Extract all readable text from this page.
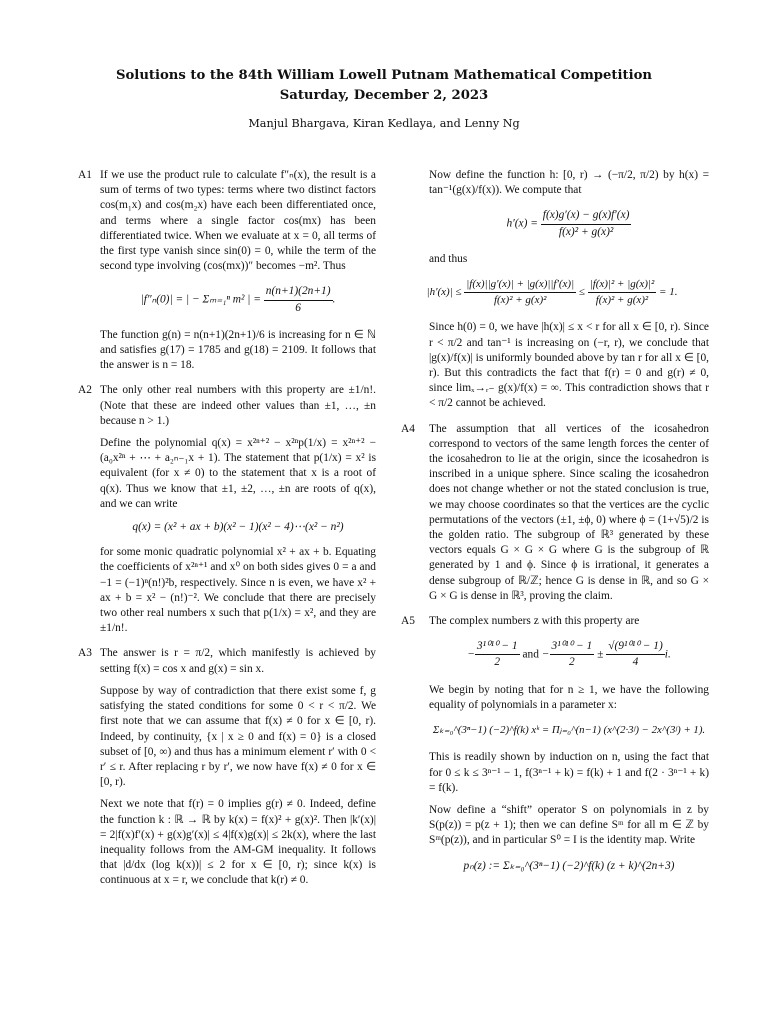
Solutions to the 84th William Lowell Putnam Mathematical Competition
Saturday, December 2, 2023
Manjul Bhargava, Kiran Kedlaya, and Lenny Ng
A1 If we use the product rule to calculate f″ₙ(x), the result is a sum of terms of two types: terms where two distinct factors cos(m₁x) and cos(m₂x) have each been differentiated once, and terms where a single factor cos(mx) has been differentiated twice. When we evaluate at x = 0, all terms of the first type vanish since sin(0) = 0, while the term of the second type involving (cos(mx))″ becomes −m². Thus

|f″ₙ(0)| = | − Σₘ₌₁ⁿ m² | = $\frac{n(n+1)(2n+1)}{6}$ .

The function g(n) = n(n+1)(2n+1)/6 is increasing for n ∈ ℕ and satisfies g(17) = 1785 and g(18) = 2109. It follows that the answer is n = 18.

A2 The only other real numbers with this property are ±1/n!. (Note that these are indeed other values than ±1, …, ±n because n > 1.)

Define the polynomial q(x) = x²ⁿ⁺² − x²ⁿp(1/x) = x²ⁿ⁺² − (a₀x²ⁿ + ⋯ + a₂ₙ₋₁x + 1). The statement that p(1/x) = x² is equivalent (for x ≠ 0) to the statement that x is a root of q(x). Thus we know that ±1, ±2, …, ±n are roots of q(x), and we can write

q(x) = (x² + ax + b)(x² − 1)(x² − 4)⋯(x² − n²)

for some monic quadratic polynomial x² + ax + b. Equating the coefficients of x²ⁿ⁺¹ and x⁰ on both sides gives 0 = a and −1 = (−1)ⁿ(n!)²b, respectively. Since n is even, we have x² + ax + b = x² − (n!)⁻². We conclude that there are precisely two other real numbers x such that p(1/x) = x², and they are ±1/n!.

A3 The answer is r = π/2, which manifestly is achieved by setting f(x) = cos x and g(x) = sin x.

Suppose by way of contradiction that there exist some f, g satisfying the stated conditions for some 0 < r < π/2. We first note that we can assume that f(x) ≠ 0 for x ∈ [0, r). Indeed, by continuity, {x | x ≥ 0 and f(x) = 0} is a closed subset of [0, ∞) and thus has a minimum element r′ with 0 < r′ ≤ r. After replacing r by r′, we now have f(x) ≠ 0 for x ∈ [0, r).

Next we note that f(r) = 0 implies g(r) ≠ 0. Indeed, define the function k : ℝ → ℝ by k(x) = f(x)² + g(x)². Then |k′(x)| = 2|f(x)f′(x) + g(x)g′(x)| ≤ 4|f(x)g(x)| ≤ 2k(x), where the last inequality follows from the AM-GM inequality. It follows that |d/dx (log k(x))| ≤ 2 for x ∈ [0, r); since k(x) is continuous at x = r, we conclude that k(r) ≠ 0.

Now define the function h: [0, r) → (−π/2, π/2) by h(x) = tan⁻¹(g(x)/f(x)). We compute that

$h'(x) = \frac{f(x)g'(x) - g(x)f'(x)}{\text{f(x)² + g(x)²}}$

and thus

$|h'(x)| \le \frac{|f(x)||g'(x)| + |g(x)||f'(x)|}{\text{f(x)² + g(x)²}} \le \frac{\text{|f(x)|² + |g(x)|²}}{\text{f(x)² + g(x)²}} = 1$.

Since h(0) = 0, we have |h(x)| ≤ x < r for all x ∈ [0, r). Since r < π/2 and tan⁻¹ is increasing on (−r, r), we conclude that |g(x)/f(x)| is uniformly bounded above by tan r for all x ∈ [0, r). But this contradicts the fact that f(r) = 0 and g(r) ≠ 0, since limₓ→ᵣ₋ g(x)/f(x) = ∞. This contradiction shows that r < π/2 cannot be achieved.

A4 The assumption that all vertices of the icosahedron correspond to vectors of the same length forces the center of the icosahedron to lie at the origin, since the icosahedron is inscribed in a unique sphere. Since scaling the icosahedron does not change whether or not the stated conclusion is true, we may choose coordinates so that the vertices are the cyclic permutations of the vectors (±1, ±ϕ, 0) where ϕ = (1+√5)/2 is the golden ratio. The subgroup of ℝ³ generated by these vectors equals G × G × G where G is the subgroup of ℝ generated by 1 and ϕ. Since ϕ is irrational, it generates a dense subgroup of ℝ/ℤ; hence G is dense in ℝ, and so G × G × G is dense in ℝ³, proving the claim.

A5 The complex numbers z with this property are

− $\frac{\text{3¹⁰¹⁰ − 1}}{2}$ and − $\frac{\text{3¹⁰¹⁰ − 1}}{2} \pm \frac{\text{√(9¹⁰¹⁰ − 1)}}{4} i$.

We begin by noting that for n ≥ 1, we have the following equality of polynomials in a parameter x:

Σₖ₌₀^(3ⁿ−1) (−2)^f(k) xᵏ = Πⱼ₌₀^(n−1) (x^(2·3ʲ) − 2x^(3ʲ) + 1).

This is readily shown by induction on n, using the fact that for 0 ≤ k ≤ 3ⁿ⁻¹ − 1, f(3ⁿ⁻¹ + k) = f(k) + 1 and f(2 · 3ⁿ⁻¹ + k) = f(k).

Now define a “shift” operator S on polynomials in z by S(p(z)) = p(z + 1); then we can define Sᵐ for all m ∈ ℤ by Sᵐ(p(z)), and in particular S⁰ = I is the identity map. Write

pₙ(z) := Σₖ₌₀^(3ⁿ−1) (−2)^f(k) (z + k)^(2n+3)
